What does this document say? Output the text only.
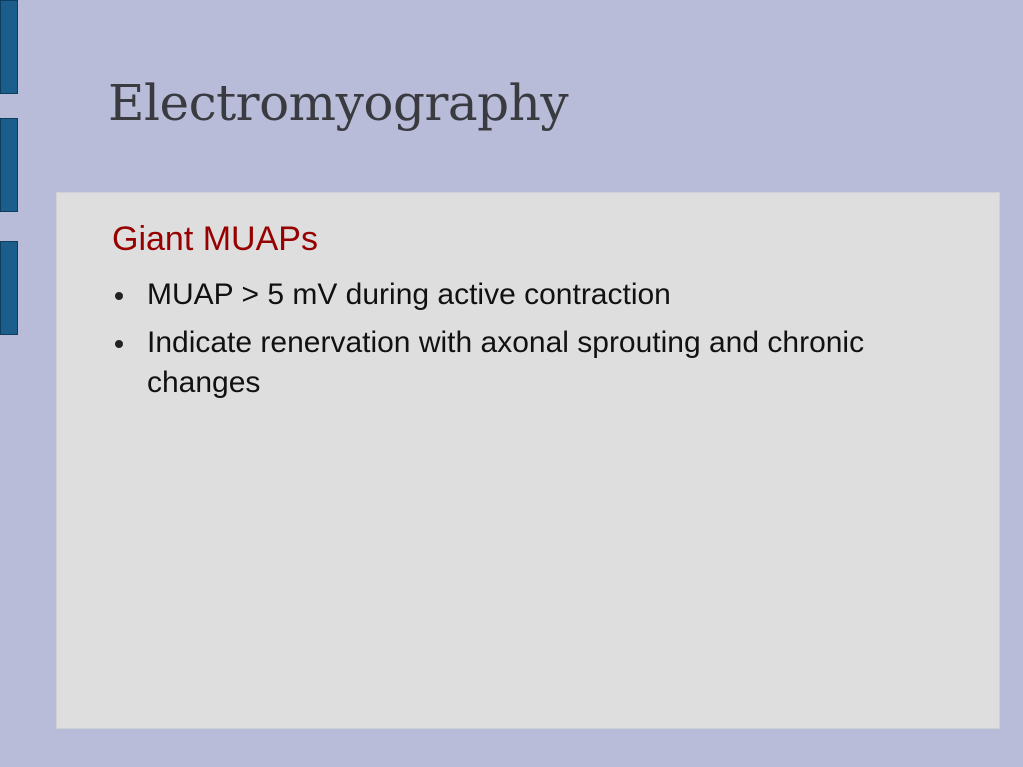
Electromyography
Giant MUAPs
MUAP > 5 mV during active contraction
Indicate renervation with axonal sprouting and chronic changes
